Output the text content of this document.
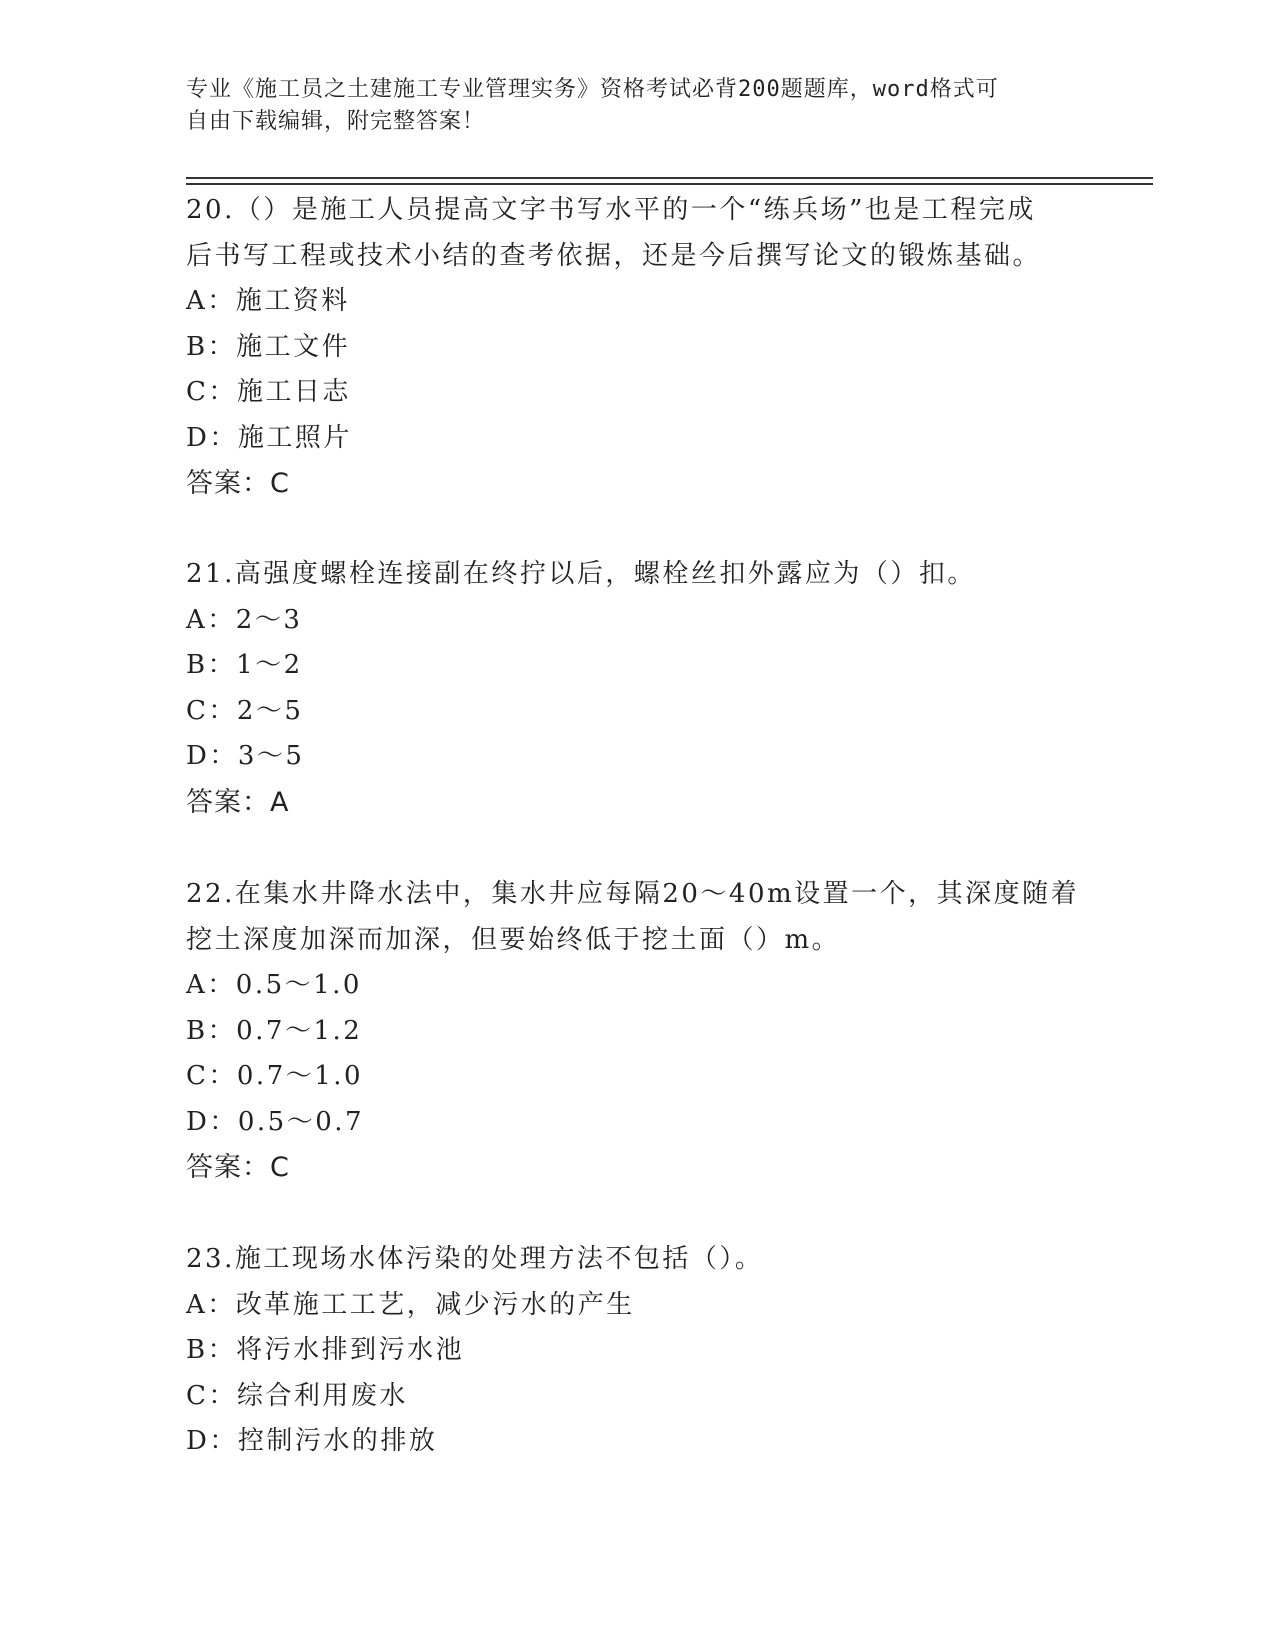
专业《施工员之土建施工专业管理实务》资格考试必背200题题库，word格式可
自由下载编辑，附完整答案！
20.（）是施工人员提高文字书写水平的一个“练兵场”也是工程完成
后书写工程或技术小结的查考依据，还是今后撰写论文的锻炼基础。
A：施工资料
B：施工文件
C：施工日志
D：施工照片
答案：C
21.高强度螺栓连接副在终拧以后，螺栓丝扣外露应为（）扣。
A：2～3
B：1～2
C：2～5
D：3～5
答案：A
22.在集水井降水法中，集水井应每隔20～40m设置一个，其深度随着
挖土深度加深而加深，但要始终低于挖土面（）m。
A：0.5～1.0
B：0.7～1.2
C：0.7～1.0
D：0.5～0.7
答案：C
23.施工现场水体污染的处理方法不包括（）。
A：改革施工工艺，减少污水的产生
B：将污水排到污水池
C：综合利用废水
D：控制污水的排放
